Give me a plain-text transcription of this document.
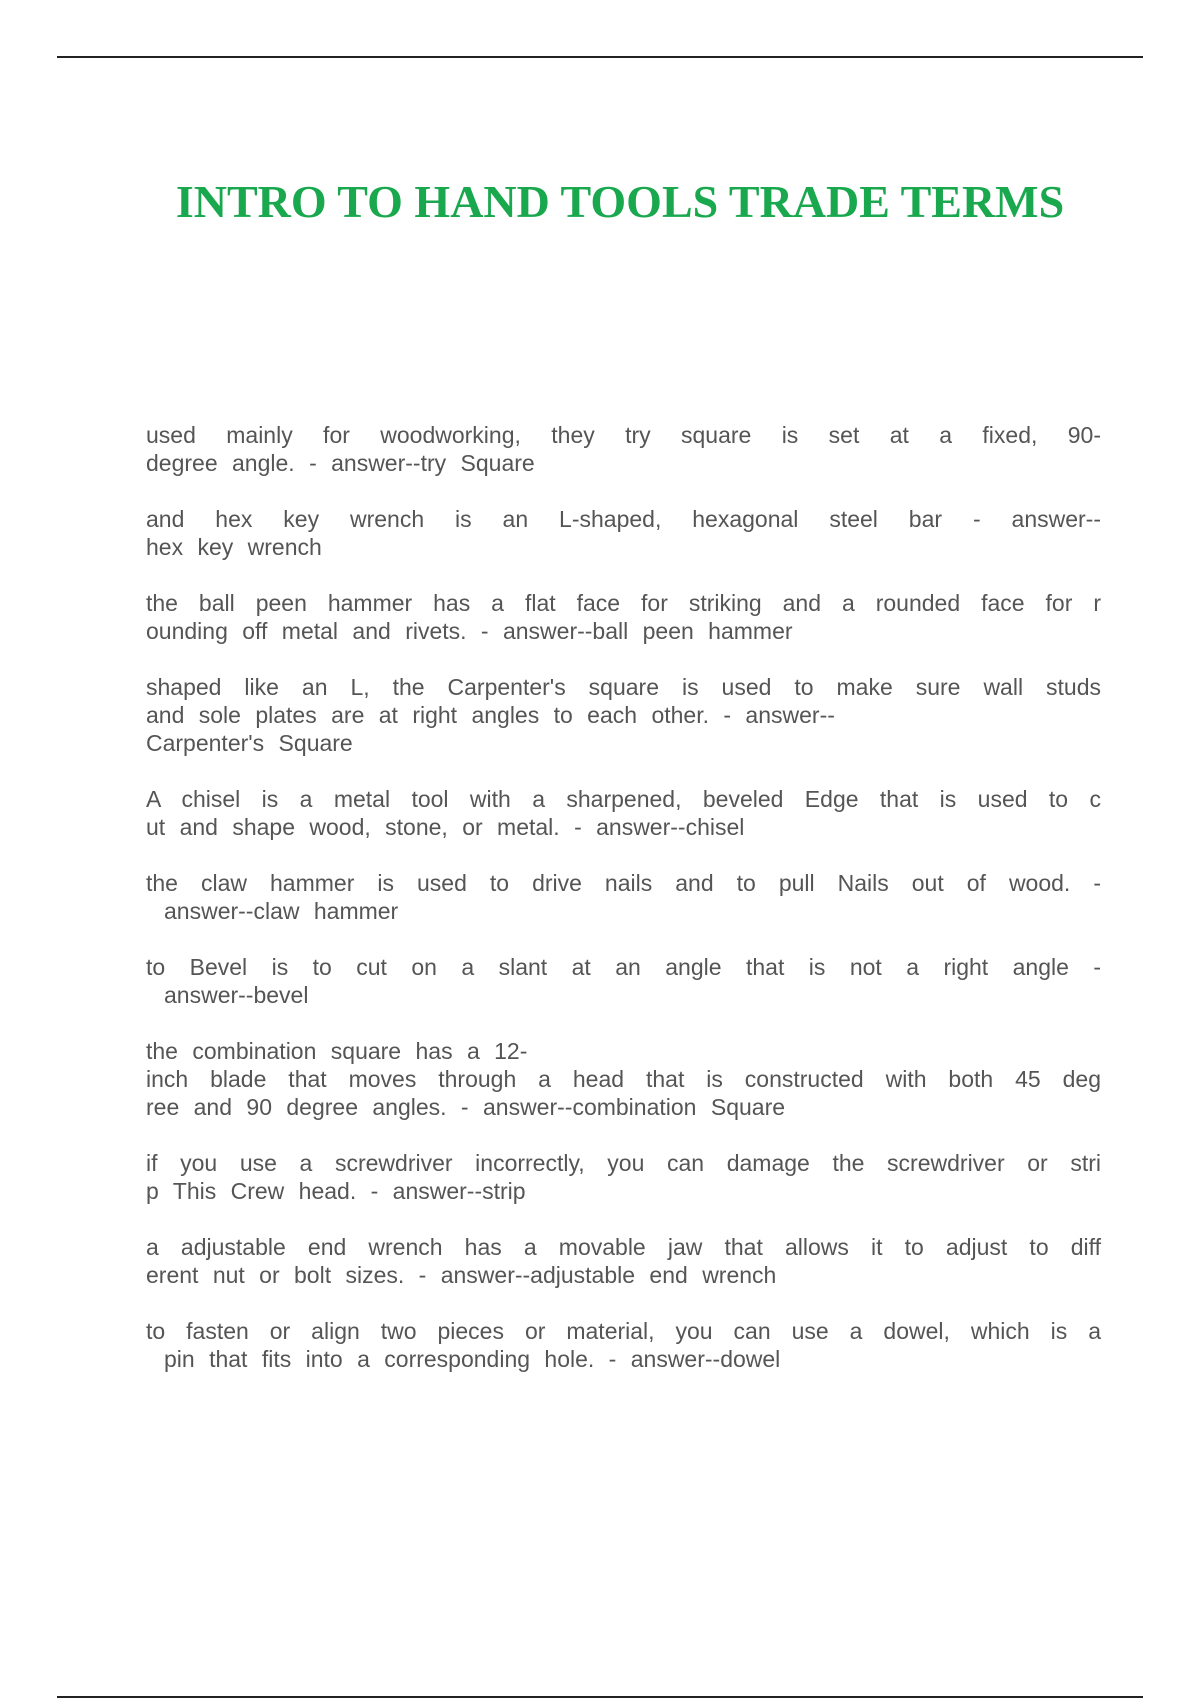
INTRO TO HAND TOOLS TRADE TERMS
used mainly for woodworking, they try square is set at a fixed, 90-
degree angle. - answer--try Square
and hex key wrench is an L-shaped, hexagonal steel bar - answer--
hex key wrench
the ball peen hammer has a flat face for striking and a rounded face for r
ounding off metal and rivets. - answer--ball peen hammer
shaped like an L, the Carpenter's square is used to make sure wall studs
and sole plates are at right angles to each other. - answer--
Carpenter's Square
A chisel is a metal tool with a sharpened, beveled Edge that is used to c
ut and shape wood, stone, or metal. - answer--chisel
the claw hammer is used to drive nails and to pull Nails out of wood. -
answer--claw hammer
to Bevel is to cut on a slant at an angle that is not a right angle -
answer--bevel
the combination square has a 12-
inch blade that moves through a head that is constructed with both 45 deg
ree and 90 degree angles. - answer--combination Square
if you use a screwdriver incorrectly, you can damage the screwdriver or stri
p This Crew head. - answer--strip
a adjustable end wrench has a movable jaw that allows it to adjust to diff
erent nut or bolt sizes. - answer--adjustable end wrench
to fasten or align two pieces or material, you can use a dowel, which is a
pin that fits into a corresponding hole. - answer--dowel
